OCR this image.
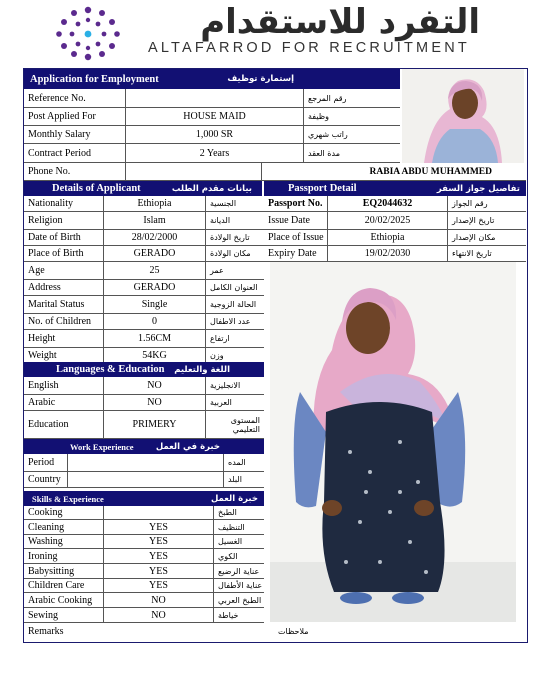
التفرد للاستقدام
ALTAFARROD FOR RECRUITMENT
Application for Employment	إستمارة توظيف
Reference No.	رقم المرجع
Post Applied For	HOUSE MAID	وظيفة
Monthly Salary	1,000 SR	راتب شهري
Contract Period	2 Years	مدة العقد
Phone No.	RABIA ABDU MUHAMMED
Details of Applicant	بيانات مقدم الطلب	Passport Detail	تفاصيل جواز السفر
Nationality	Ethiopia	الجنسية
Religion	Islam	الديانة
Date of Birth	28/02/2000	تاريخ الولادة
Place of Birth	GERADO	مكان الولادة
Age	25	عمر
Address	GERADO	العنوان الكامل
Marital Status	Single	الحالة الزوجية
No. of Children	0	عدد الاطفال
Height	1.56CM	ارتفاع
Weight	54KG	وزن
Passport No.	EQ2044632	رقم الجواز
Issue Date	20/02/2025	تاريخ الإصدار
Place of Issue	Ethiopia	مكان الإصدار
Expiry Date	19/02/2030	تاريخ الانتهاء
Languages & Education اللغة والتعليم
English	NO	الانجليزية
Arabic	NO	العربية
Education	PRIMERY	المستوى التعليمي
Work Experience	خبرة في العمل
Period	المده
Country	البلد
Skills & Experience	خبرة العمل
Cooking	الطبخ
Cleaning	YES	التنظيف
Washing	YES	الغسيل
Ironing	YES	الكوي
Babysitting	YES	عناية الرضيع
Children Care	YES	عناية الأطفال
Arabic Cooking	NO	الطبخ العربي
Sewing	NO	خياطة
Remarks	ملاحظات
